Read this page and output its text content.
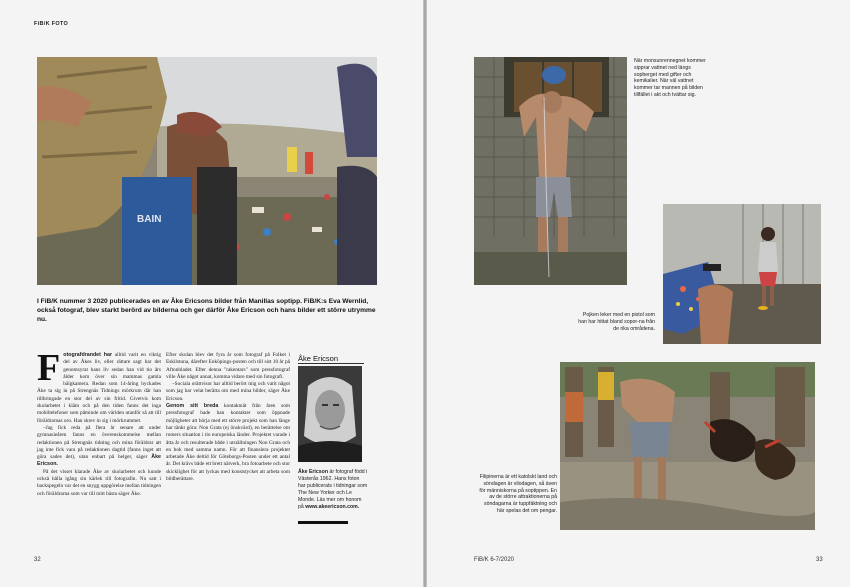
FiB/K FOTO
BAIN

I FiB/K nummer 3 2020 publicerades en av Åke Ericsons bilder från Manillas soptipp. FiB/K:s Eva Wernlid, också fotograf, blev starkt berörd av bilderna och ger därför Åke Ericson och hans bilder ett större utrymme nu.

Fotografdrandet har alltid varit en viktig del av Åkes liv, eller rättare sagt har det genomsyrat hans liv sedan han vid tio års ålder kom över sin mammas gamla bälgkamera. Redan som 14-åring hyckades Åke ta sig in på Strengnäs Tidnings mörkrum där han tillbringade en stor del av sin fritid. Givetvis kom skolarbetet i kläm och på den tiden fanns det inga mobiltelefoner som påminde om världen utanför så att till föräldrarnas oro. Han skrev in sig i mörkrummet.

–Jag fick reda på flera år senare att under gymnasieåren fanns en överenskommelse mellan redaktionen på Strengnäs tidning och mina föräldrar att jag inte fick vara på redaktionen dagtid (fanns inget att göra sades det), utan enbart på helger, säger Åke Ericson.

På det visset klarade Åke av skolarbetet och kunde också hålla igång sin kärlek till fotografin. Nu satt i backspegeln var det en snygg uppgörelse mellan tidningen och föräldrarna som var till mitt bästa säger Åke.

Efter skolan blev det fyra år som fotograf på Folket i Eskilstuna, därefter Enköpings-posten och till sist 10 år på Aftonbladet. Efter denna "rakentars" som pressfotograf ville Åke något annat, komma vidare med sin fotografi.

–Sociala orättvisor har alltid berört mig och varit något som jag har velat berätta om med mina bilder, säger Åke Ericson.

Genom sitt breda kontaktnät från åren som pressfotograf hade han kontakter som öppnade möjligheter att börja med ett större projekt som han länge har tänkt göra: Non Grata (ej önskvärd), en berättelse om romers situation i tio europeiska länder. Projektet varade i åtta år och resulterade både i utställningen Non Grata och en bok med samma namn. För att finansiera projektet arbetade Åke deltid för Göteborgs-Posten under ett antal år. Det krävs både ett brett nätverk, bra fotoarbete och stor skicklighet för att lyckas med konststycket att arbeta som bildberättare.

Åke Ericson

Åke Ericson är fotograf född i Västerås 1962. Hans foton har publicerats i tidningar som The New Yorker och Le Monde. Läs mer om honom på www.akeericson.com.

32

När monsunrennegnet kommer sipprar vattnet ned längs sopberget med gifter och kemikalier. När väl vattnet kommer tar mannen på bilden tillfället i akt och tvättar sig.

Pojken leker med en pistol som han har hittat bland sopor-na från de rika områdena.

Filipinerna är ett katolskt land och söndagen är vilodagen, så även för människorna på soptippen. En av de större attraktionerna på söndagarna är tuppfäktning och här spelas det om pengar.

FiB/K 6-7/2020	33
